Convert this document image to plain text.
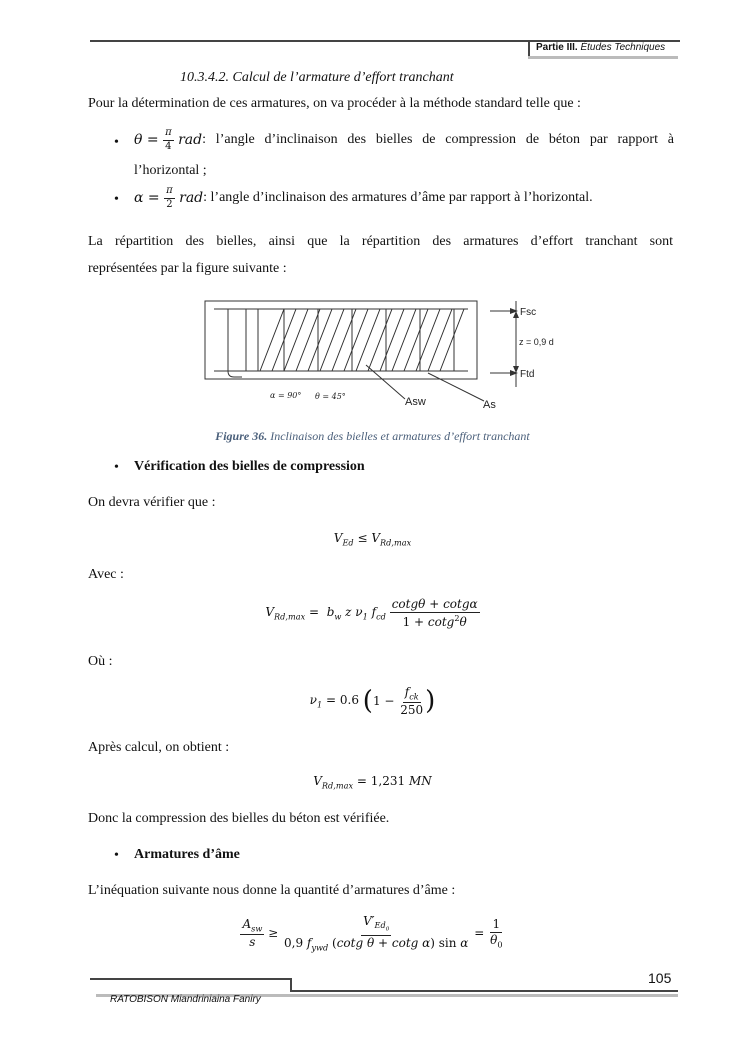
Partie III. Études Techniques
10.3.4.2. Calcul de l’armature d’effort tranchant
Pour la détermination de ces armatures, on va procéder à la méthode standard telle que :
• $\theta = \frac{\pi}{4}$ rad : l’angle d’inclinaison des bielles de compression de béton par rapport à
l’horizontal ;
• $\alpha = \frac{\pi}{2}$ rad : l’angle d’inclinaison des armatures d’âme par rapport à l’horizontal.
La répartition des bielles, ainsi que la répartition des armatures d’effort tranchant sont
représentées par la figure suivante :
Fsc
z = 0,9 d
Ftd
α = 90° θ = 45°	Asw	As
Figure 36. Inclinaison des bielles et armatures d’effort tranchant
• Vérification des bielles de compression
On devra vérifier que :
$V_{Ed} \le V_{Rd,max}$
Avec :
$V_{Rd,max} = b_w$ z $\nu_1$ $f_{cd} \frac{\cot g\theta + \cot g\alpha}{1 + \cot g^2\theta}$
Où :
$\nu_1 = 0.6$ ( $1 - \frac{f_{ck}}{250}$ )
Après calcul, on obtient :
$V_{Rd,max} = 1,231$ MN
Donc la compression des bielles du béton est vérifiée.
• Armatures d’âme
L’inéquation suivante nous donne la quantité d’armatures d’âme :
$\frac{A_{sw}}{s} \ge \frac{V'_{Ed_0}}{0,9 f_{ywd} (\cot g \theta + \cot g \alpha) \sin \alpha} = \frac{1}{\theta_0}$
105
RATOBISON Miandriniaina Faniry
